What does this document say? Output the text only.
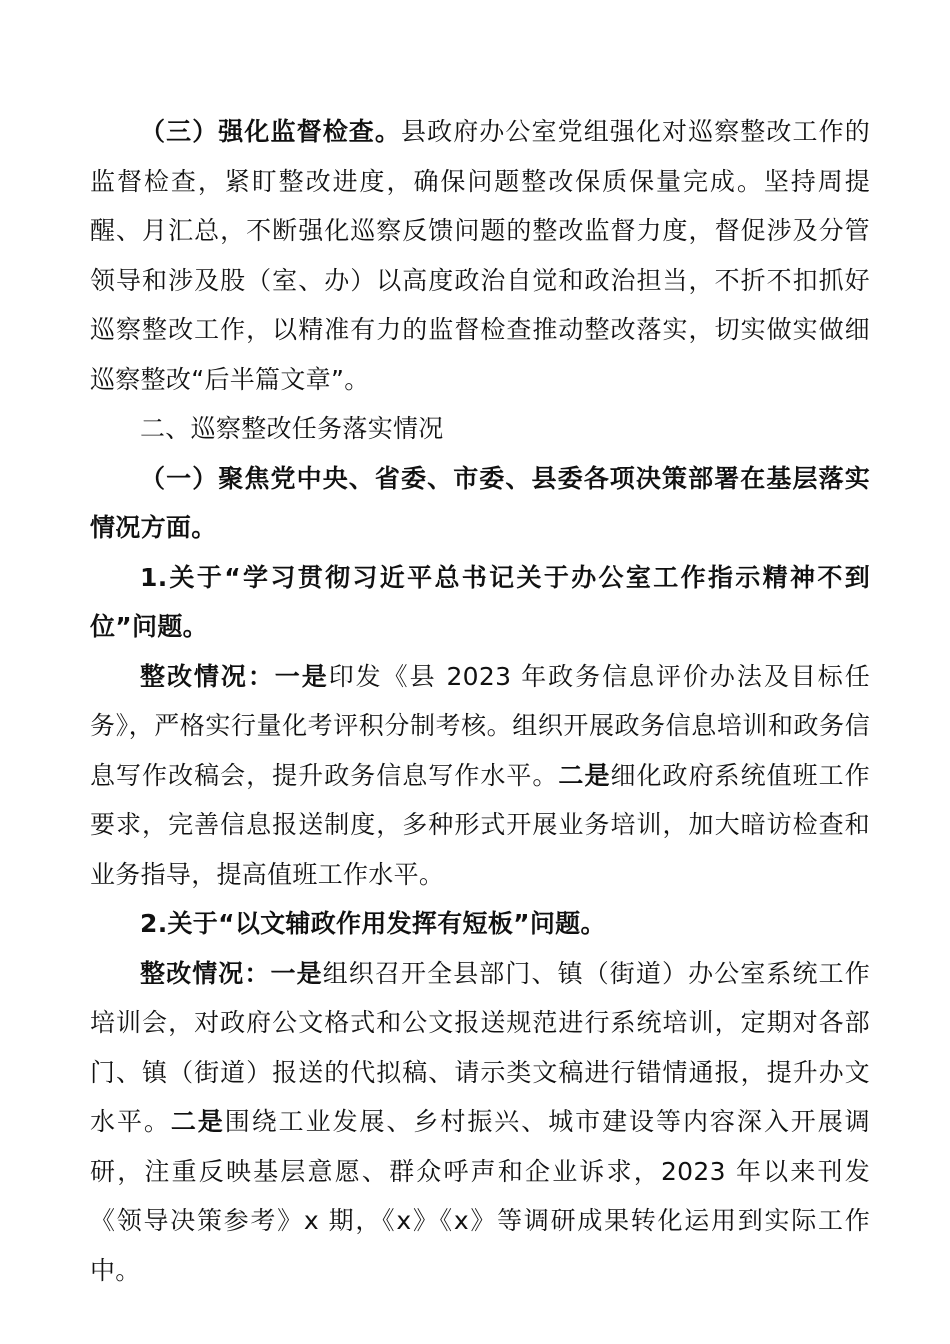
（三）强化监督检查。县政府办公室党组强化对巡察整改工作的监督检查，紧盯整改进度，确保问题整改保质保量完成。坚持周提醒、月汇总，不断强化巡察反馈问题的整改监督力度，督促涉及分管领导和涉及股（室、办）以高度政治自觉和政治担当，不折不扣抓好巡察整改工作，以精准有力的监督检查推动整改落实，切实做实做细巡察整改“后半篇文章”。

二、巡察整改任务落实情况

（一）聚焦党中央、省委、市委、县委各项决策部署在基层落实情况方面。

1.关于“学习贯彻习近平总书记关于办公室工作指示精神不到位”问题。

整改情况：一是印发《县 2023 年政务信息评价办法及目标任务》，严格实行量化考评积分制考核。组织开展政务信息培训和政务信息写作改稿会，提升政务信息写作水平。二是细化政府系统值班工作要求，完善信息报送制度，多种形式开展业务培训，加大暗访检查和业务指导，提高值班工作水平。

2.关于“以文辅政作用发挥有短板”问题。

整改情况：一是组织召开全县部门、镇（街道）办公室系统工作培训会，对政府公文格式和公文报送规范进行系统培训，定期对各部门、镇（街道）报送的代拟稿、请示类文稿进行错情通报，提升办文水平。二是围绕工业发展、乡村振兴、城市建设等内容深入开展调研，注重反映基层意愿、群众呼声和企业诉求，2023 年以来刊发《领导决策参考》x 期，《x》《x》等调研成果转化运用到实际工作中。
